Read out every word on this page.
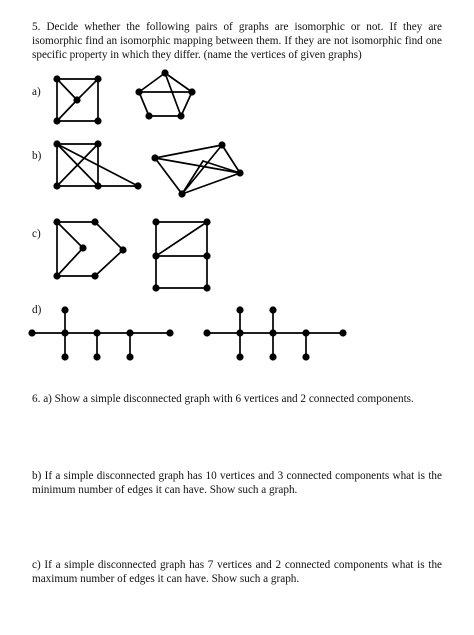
5. Decide whether the following pairs of graphs are isomorphic or not. If they are isomorphic find an isomorphic mapping between them. If they are not isomorphic find one specific property in which they differ. (name the vertices of given graphs)
a)
b)
c)
d)
6. a) Show a simple disconnected graph with 6 vertices and 2 connected components.
b) If a simple disconnected graph has 10 vertices and 3 connected components what is the minimum number of edges it can have. Show such a graph.
c) If a simple disconnected graph has 7 vertices and 2 connected components what is the maximum number of edges it can have. Show such a graph.
